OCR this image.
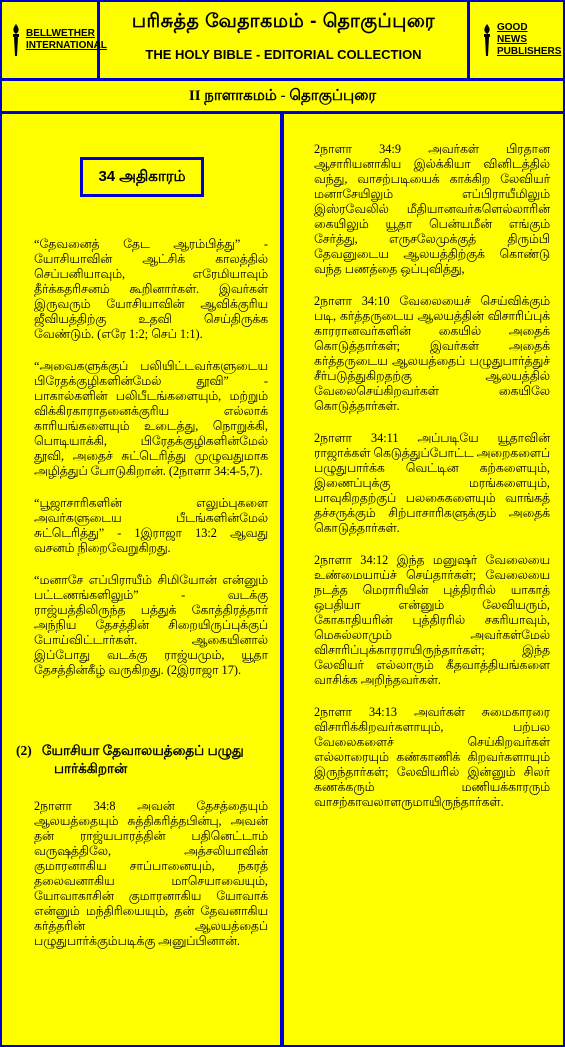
BELLWETHER INTERNATIONAL
பரிசுத்த வேதாகமம் - தொகுப்புரை
THE HOLY BIBLE - EDITORIAL COLLECTION
GOOD NEWS PUBLISHERS
II நாளாகமம் - தொகுப்புரை
34 அதிகாரம்

“தேவனைத் தேட ஆரம்பித்து” - யோசியாவின் ஆட்சிக் காலத்தில் செப்பனியாவும், எரேமியாவும் தீர்க்கதரிசனம் கூறினார்கள். இவர்கள் இருவரும் யோசியாவின் ஆவிக்குரிய ஜீவியத்திற்கு உதவி செய்திருக்க வேண்டும். (எரே 1:2; செப் 1:1).

“அவைகளுக்குப் பலியிட்டவர்களுடைய பிரேதக்குழிகளின்மேல் தூவி” - பாகால்களின் பலிபீடங்களையும், மற்றும் விக்கிரகாராதனைக்குரிய எல்லாக் காரியங்களையும் உடைத்து, நொறுக்கி, பொடியாக்கி, பிரேதக்குழிகளின்மேல் தூவி, அதைச் சுட்டெரித்து முழுவதுமாக அழித்துப் போடுகிறான். (2நாளா 34:4-5,7).

“பூஜாசாரிகளின் எலும்புகளை அவர்களுடைய பீடங்களின்மேல் சுட்டெரித்து” - 1இராஜா 13:2 ஆவது வசனம் நிறைவேறுகிறது.

“மனாசே எப்பிராயீம் சிமியோன் என்னும் பட்டணங்களிலும்” - வடக்கு ராஜ்யத்திலிருந்த பத்துக் கோத்திரத்தார் அந்நிய தேசத்தின் சிறையிருப்புக்குப் போய்விட்டார்கள். ஆகையினால் இப்போது வடக்கு ராஜ்யமும், யூதா தேசத்தின்கீழ் வருகிறது. (2இராஜா 17).

(2) யோசியா தேவாலயத்தைப் பழுது
பார்க்கிறான்

2நாளா 34:8 அவன் தேசத்தையும் ஆலயத்தையும் சுத்திகரித்தபின்பு, அவன் தன் ராஜ்யபாரத்தின் பதினெட்டாம் வருஷத்திலே, அத்சலியாவின் குமாரனாகிய சாப்பானையும், நகரத் தலைவனாகிய மாசெயாவையும், யோவாகாசின் குமாரனாகிய யோவாக் என்னும் மந்திரியையும், தன் தேவனாகிய கர்த்தரின் ஆலயத்தைப் பழுதுபார்க்கும்படிக்கு அனுப்பினான்.

2நாளா 34:9 அவர்கள் பிரதான ஆசாரியனாகிய இல்க்கியா வினிடத்தில் வந்து, வாசற்படியைக் காக்கிற லேவியர் மனாசேயிலும் எப்பிராயீமிலும் இஸ்ரவேலில் மீதியானவர்களெல்லாரின் கையிலும் யூதா பென்யமீன் எங்கும் சேர்த்து, எருசலேமுக்குத் திரும்பி தேவனுடைய ஆலயத்திற்குக் கொண்டு வந்த பணத்தை ஒப்புவித்து,

2நாளா 34:10 வேலையைச் செய்விக்கும் படி, கர்த்தருடைய ஆலயத்தின் விசாரிப்புக் காரரானவர்களின் கையில் அதைக் கொடுத்தார்கள்; இவர்கள் அதைக் கர்த்தருடைய ஆலயத்தைப் பழுதுபார்த்துச் சீர்படுத்துகிறதற்கு ஆலயத்தில் வேலைசெய்கிறவர்கள் கையிலே கொடுத்தார்கள்.

2நாளா 34:11 அப்படியே யூதாவின் ராஜாக்கள் கெடுத்துப்போட்ட அறைகளைப் பழுதுபார்க்க வெட்டின கற்களையும், இணைப்புக்கு மரங்களையும், பாவுகிறதற்குப் பலகைகளையும் வாங்கத் தச்சருக்கும் சிற்பாசாரிகளுக்கும் அதைக் கொடுத்தார்கள்.

2நாளா 34:12 இந்த மனுஷர் வேலையை உண்மையாய்ச் செய்தார்கள்; வேலையை நடத்த மெராரியின் புத்திரரில் யாகாத் ஒபதியா என்னும் லேவியரும், கோகாதியரின் புத்திரரில் சகரியாவும், மெசுல்லாமும் அவர்கள்மேல் விசாரிப்புக்காரராயிருந்தார்கள்; இந்த லேவியர் எல்லாரும் கீதவாத்தியங்களை வாசிக்க அறிந்தவர்கள்.

2நாளா 34:13 அவர்கள் சுமைகாரரை விசாரிக்கிறவர்களாயும், பற்பல வேலைகளைச் செய்கிறவர்கள் எல்லாரையும் கண்காணிக் கிறவர்களாயும் இருந்தார்கள்; லேவியரில் இன்னும் சிலர் கணக்கரும் மணியக்காரரும் வாசற்காவலாளருமாயிருந்தார்கள்.
